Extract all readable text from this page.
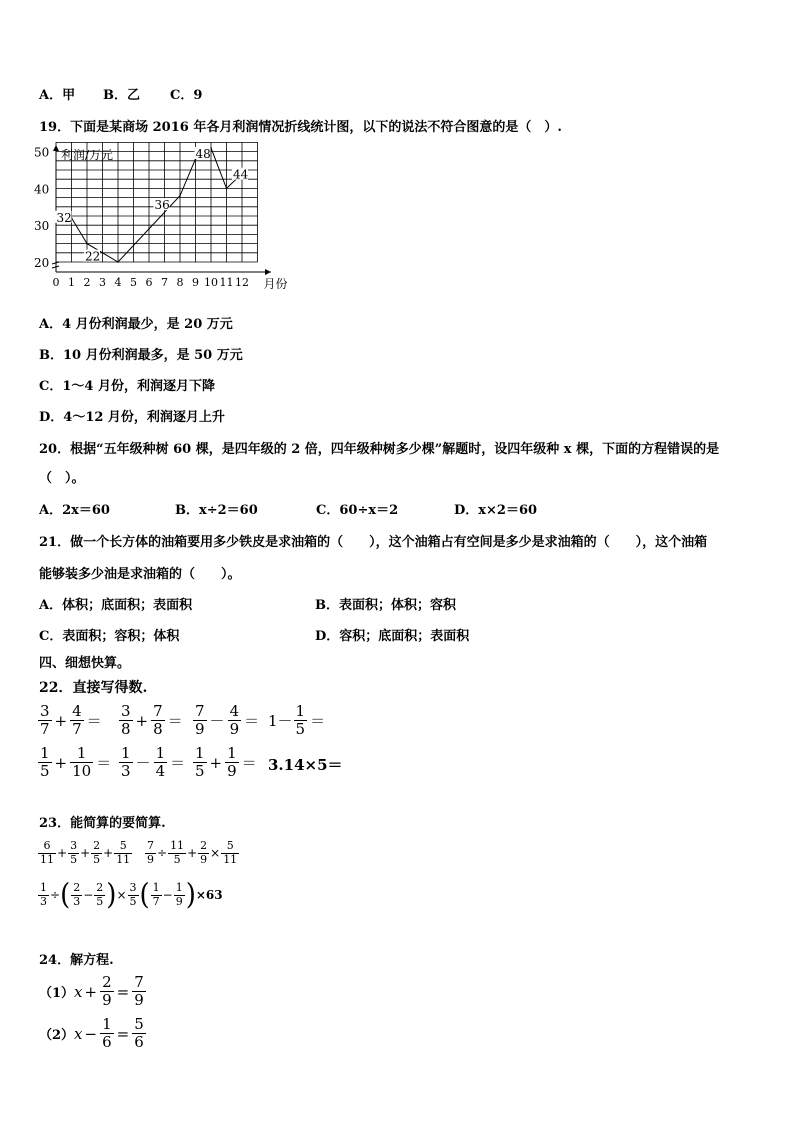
A．甲 B．乙 C．9
19．下面是某商场 2016 年各月利润情况折线统计图，以下的说法不符合图意的是（　）.
20
30
40
50 利润/万元
0 1 2 3 4 5 6 7 8 9 10 11 12 月份
32
22
36
48
44
A．4 月份利润最少，是 20 万元
B．10 月份利润最多，是 50 万元
C．1～4 月份，利润逐月下降
D．4～12 月份，利润逐月上升
20．根据“五年级种树 60 棵，是四年级的 2 倍，四年级种树多少棵”解题时，设四年级种 x 棵，下面的方程错误的是
（　）。
A．2x＝60	B．x÷2＝60	C．60÷x＝2	D．x×2＝60
21．做一个长方体的油箱要用多少铁皮是求油箱的（　　），这个油箱占有空间是多少是求油箱的（　　），这个油箱
能够装多少油是求油箱的（　　）。
A．体积；底面积；表面积	B．表面积；体积；容积
C．表面积；容积；体积	D．容积；底面积；表面积
四、细想快算。
22．直接写得数.
$\frac{3}{7} + \frac{4}{7} = \frac{3}{8} + \frac{7}{8} = \frac{7}{9} - \frac{4}{9} = 1- \frac{1}{5}$ ＝
$\frac{1}{5} + \frac{1}{10} = \frac{1}{3} - \frac{1}{4} = \frac{1}{5} + \frac{1}{9} = 3.14\times 5=$
23．能简算的要简算.
$\frac{6}{11} + \frac{3}{5} + \frac{2}{5} + \frac{5}{11} \frac{7}{9} \div \frac{11}{5} + \frac{2}{9} \times \frac{5}{11}$
$\frac{1}{3}$ ÷ ( $\frac{2}{3} - \frac{2}{5}$ ) × $\frac{3}{5}$ ( $\frac{1}{7} - \frac{1}{9}$ ) ×63
24．解方程.
（1） $x + \frac{2}{9} = \frac{7}{9}$
（2） $x - \frac{1}{6} = \frac{5}{6}$
